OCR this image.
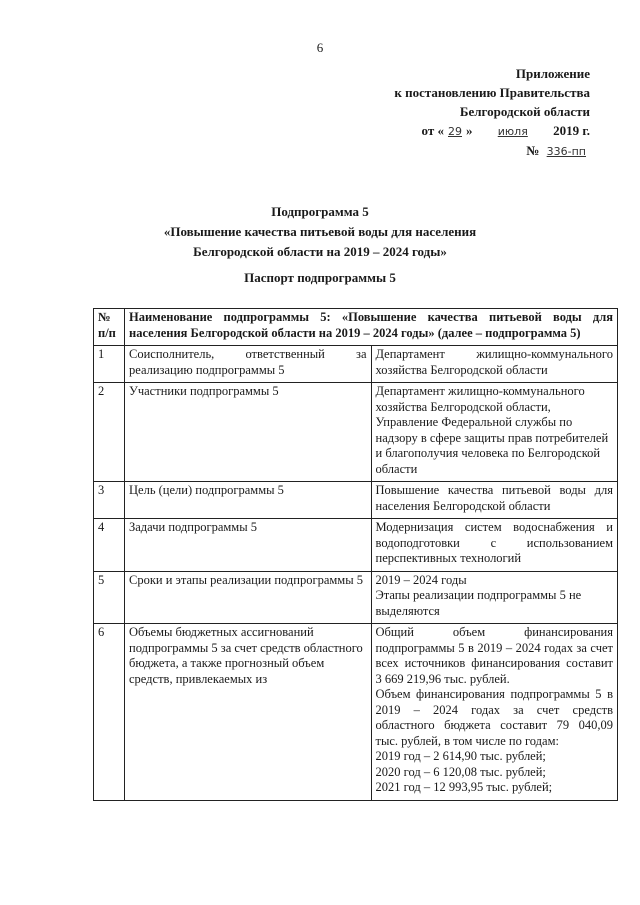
6
Приложение
к постановлению Правительства
Белгородской области
от « 29 » июля 2019 г.
№ 336-пп
Подпрограмма 5
«Повышение качества питьевой воды для населения
Белгородской области на 2019 – 2024 годы»
Паспорт подпрограммы 5
№ п/п	Наименование подпрограммы 5: «Повышение качества питьевой воды для населения Белгородской области на 2019 – 2024 годы» (далее – подпрограмма 5)	
1	Соисполнитель, ответственный за реализацию подпрограммы 5	Департамент жилищно-коммунального хозяйства Белгородской области

2	Участники подпрограммы 5	Департамент жилищно-коммунального хозяйства Белгородской области,
Управление Федеральной службы по надзору в сфере защиты прав потребителей и благополучия человека по Белгородской области

3	Цель (цели) подпрограммы 5	Повышение качества питьевой воды для населения Белгородской области

4	Задачи подпрограммы 5	Модернизация систем водоснабжения и водоподготовки с использованием перспективных технологий

5	Сроки и этапы реализации подпрограммы 5	2019 – 2024 годы
Этапы реализации подпрограммы 5 не выделяются

6	Объемы бюджетных ассигнований подпрограммы 5 за счет средств областного бюджета, а также прогнозный объем средств, привлекаемых из	Общий объем финансирования подпрограммы 5 в 2019 – 2024 годах за счет всех источников финансирования составит 3 669 219,96 тыс. рублей.
Объем финансирования подпрограммы 5 в 2019 – 2024 годах за счет средств областного бюджета составит 79 040,09 тыс. рублей, в том числе по годам:
2019 год – 2 614,90 тыс. рублей;
2020 год – 6 120,08 тыс. рублей;
2021 год – 12 993,95 тыс. рублей;
